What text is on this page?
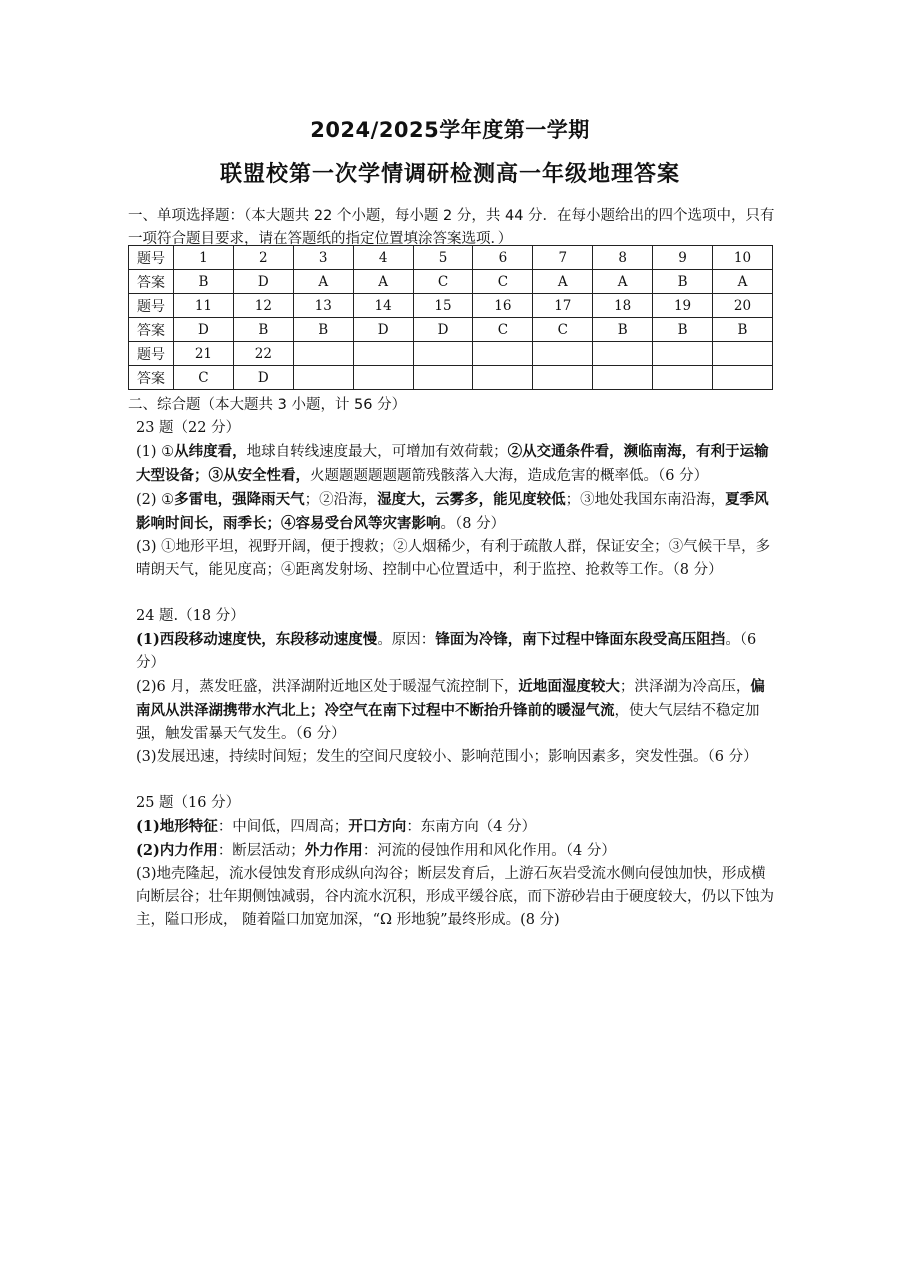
2024/2025学年度第一学期
联盟校第一次学情调研检测高一年级地理答案
一、单项选择题：（本大题共 22 个小题，每小题 2 分，共 44 分．在每小题给出的四个选项中，只有一项符合题目要求，请在答题纸的指定位置填涂答案选项．）
题号	1	2	3	4	5	6	7	8	9	10
答案	B	D	A	A	C	C	A	A	B	A
题号	11	12	13	14	15	16	17	18	19	20
答案	D	B	B	D	D	C	C	B	B	B
题号	21	22								
答案	C	D								

二、综合题（本大题共 3 小题，计 56 分）

23 题（22 分）

(1) ①从纬度看，地球自转线速度最大，可增加有效荷载；②从交通条件看，濒临南海，有利于运输大型设备；③从安全性看，火题题题题题题箭残骸落入大海，造成危害的概率低。（6 分）

(2) ①多雷电，强降雨天气；②沿海，湿度大，云雾多，能见度较低；③地处我国东南沿海，夏季风影响时间长，雨季长；④容易受台风等灾害影响。（8 分）

(3) ①地形平坦，视野开阔，便于搜救；②人烟稀少，有利于疏散人群，保证安全；③气候干旱，多晴朗天气，能见度高；④距离发射场、控制中心位置适中，利于监控、抢救等工作。（8 分）

24 题.（18 分）

(1)西段移动速度快，东段移动速度慢。原因：锋面为冷锋，南下过程中锋面东段受高压阻挡。（6 分）

(2)6 月，蒸发旺盛，洪泽湖附近地区处于暖湿气流控制下，近地面湿度较大；洪泽湖为冷高压，偏南风从洪泽湖携带水汽北上；冷空气在南下过程中不断抬升锋前的暖湿气流，使大气层结不稳定加强，触发雷暴天气发生。（6 分）

(3)发展迅速，持续时间短；发生的空间尺度较小、影响范围小；影响因素多，突发性强。（6 分）

25 题（16 分）

(1)地形特征：中间低，四周高；开口方向：东南方向（4 分）

(2)内力作用：断层活动；外力作用：河流的侵蚀作用和风化作用。（4 分）

(3)地壳隆起，流水侵蚀发育形成纵向沟谷；断层发育后，上游石灰岩受流水侧向侵蚀加快，形成横向断层谷；壮年期侧蚀减弱，谷内流水沉积，形成平缓谷底，而下游砂岩由于硬度较大，仍以下蚀为主，隘口形成， 随着隘口加宽加深，“Ω 形地貌”最终形成。(8 分)
